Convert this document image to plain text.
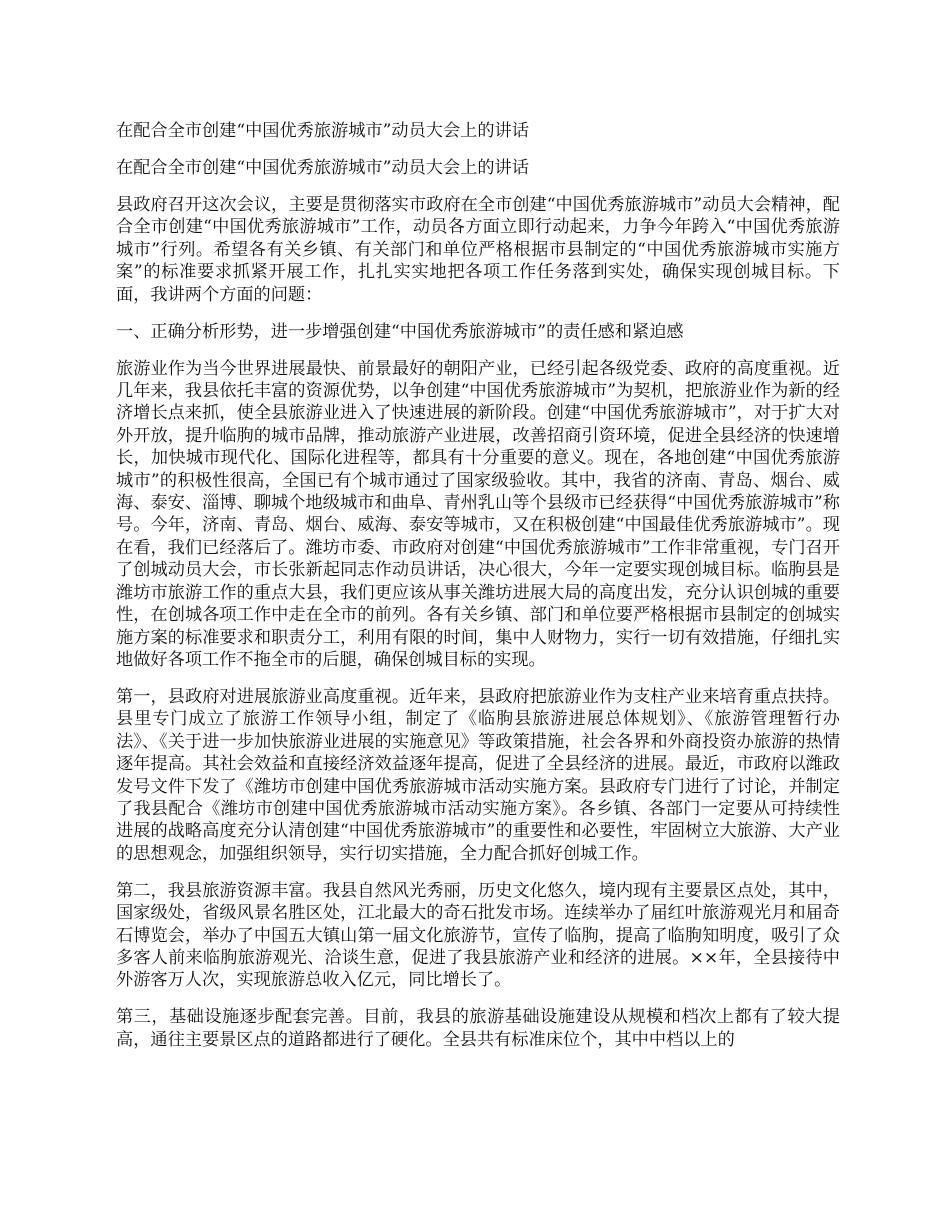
在配合全市创建“中国优秀旅游城市”动员大会上的讲话

在配合全市创建“中国优秀旅游城市”动员大会上的讲话

县政府召开这次会议，主要是贯彻落实市政府在全市创建“中国优秀旅游城市”动员大会精神，配合全市创建“中国优秀旅游城市”工作，动员各方面立即行动起来，力争今年跨入“中国优秀旅游城市”行列。希望各有关乡镇、有关部门和单位严格根据市县制定的“中国优秀旅游城市实施方案”的标准要求抓紧开展工作，扎扎实实地把各项工作任务落到实处，确保实现创城目标。下面，我讲两个方面的问题：

一、正确分析形势，进一步增强创建“中国优秀旅游城市”的责任感和紧迫感

旅游业作为当今世界进展最快、前景最好的朝阳产业，已经引起各级党委、政府的高度重视。近几年来，我县依托丰富的资源优势，以争创建“中国优秀旅游城市”为契机，把旅游业作为新的经济增长点来抓，使全县旅游业进入了快速进展的新阶段。创建“中国优秀旅游城市”，对于扩大对外开放，提升临朐的城市品牌，推动旅游产业进展，改善招商引资环境，促进全县经济的快速增长，加快城市现代化、国际化进程等，都具有十分重要的意义。现在，各地创建“中国优秀旅游城市”的积极性很高，全国已有个城市通过了国家级验收。其中，我省的济南、青岛、烟台、威海、泰安、淄博、聊城个地级城市和曲阜、青州乳山等个县级市已经获得“中国优秀旅游城市”称号。今年，济南、青岛、烟台、威海、泰安等城市，又在积极创建“中国最佳优秀旅游城市”。现在看，我们已经落后了。潍坊市委、市政府对创建“中国优秀旅游城市”工作非常重视，专门召开了创城动员大会，市长张新起同志作动员讲话，决心很大，今年一定要实现创城目标。临朐县是潍坊市旅游工作的重点大县，我们更应该从事关潍坊进展大局的高度出发，充分认识创城的重要性，在创城各项工作中走在全市的前列。各有关乡镇、部门和单位要严格根据市县制定的创城实施方案的标准要求和职责分工，利用有限的时间，集中人财物力，实行一切有效措施，仔细扎实地做好各项工作不拖全市的后腿，确保创城目标的实现。

第一，县政府对进展旅游业高度重视。近年来，县政府把旅游业作为支柱产业来培育重点扶持。县里专门成立了旅游工作领导小组，制定了《临朐县旅游进展总体规划》、《旅游管理暂行办法》、《关于进一步加快旅游业进展的实施意见》等政策措施，社会各界和外商投资办旅游的热情逐年提高。其社会效益和直接经济效益逐年提高，促进了全县经济的进展。最近，市政府以潍政发号文件下发了《潍坊市创建中国优秀旅游城市活动实施方案。县政府专门进行了讨论，并制定了我县配合《潍坊市创建中国优秀旅游城市活动实施方案》。各乡镇、各部门一定要从可持续性进展的战略高度充分认清创建“中国优秀旅游城市”的重要性和必要性，牢固树立大旅游、大产业的思想观念，加强组织领导，实行切实措施，全力配合抓好创城工作。

第二，我县旅游资源丰富。我县自然风光秀丽，历史文化悠久，境内现有主要景区点处，其中，国家级处，省级风景名胜区处，江北最大的奇石批发市场。连续举办了届红叶旅游观光月和届奇石博览会，举办了中国五大镇山第一届文化旅游节，宣传了临朐，提高了临朐知明度，吸引了众多客人前来临朐旅游观光、洽谈生意，促进了我县旅游产业和经济的进展。××年，全县接待中外游客万人次，实现旅游总收入亿元，同比增长了。

第三，基础设施逐步配套完善。目前，我县的旅游基础设施建设从规模和档次上都有了较大提高，通往主要景区点的道路都进行了硬化。全县共有标准床位个，其中中档以上的
